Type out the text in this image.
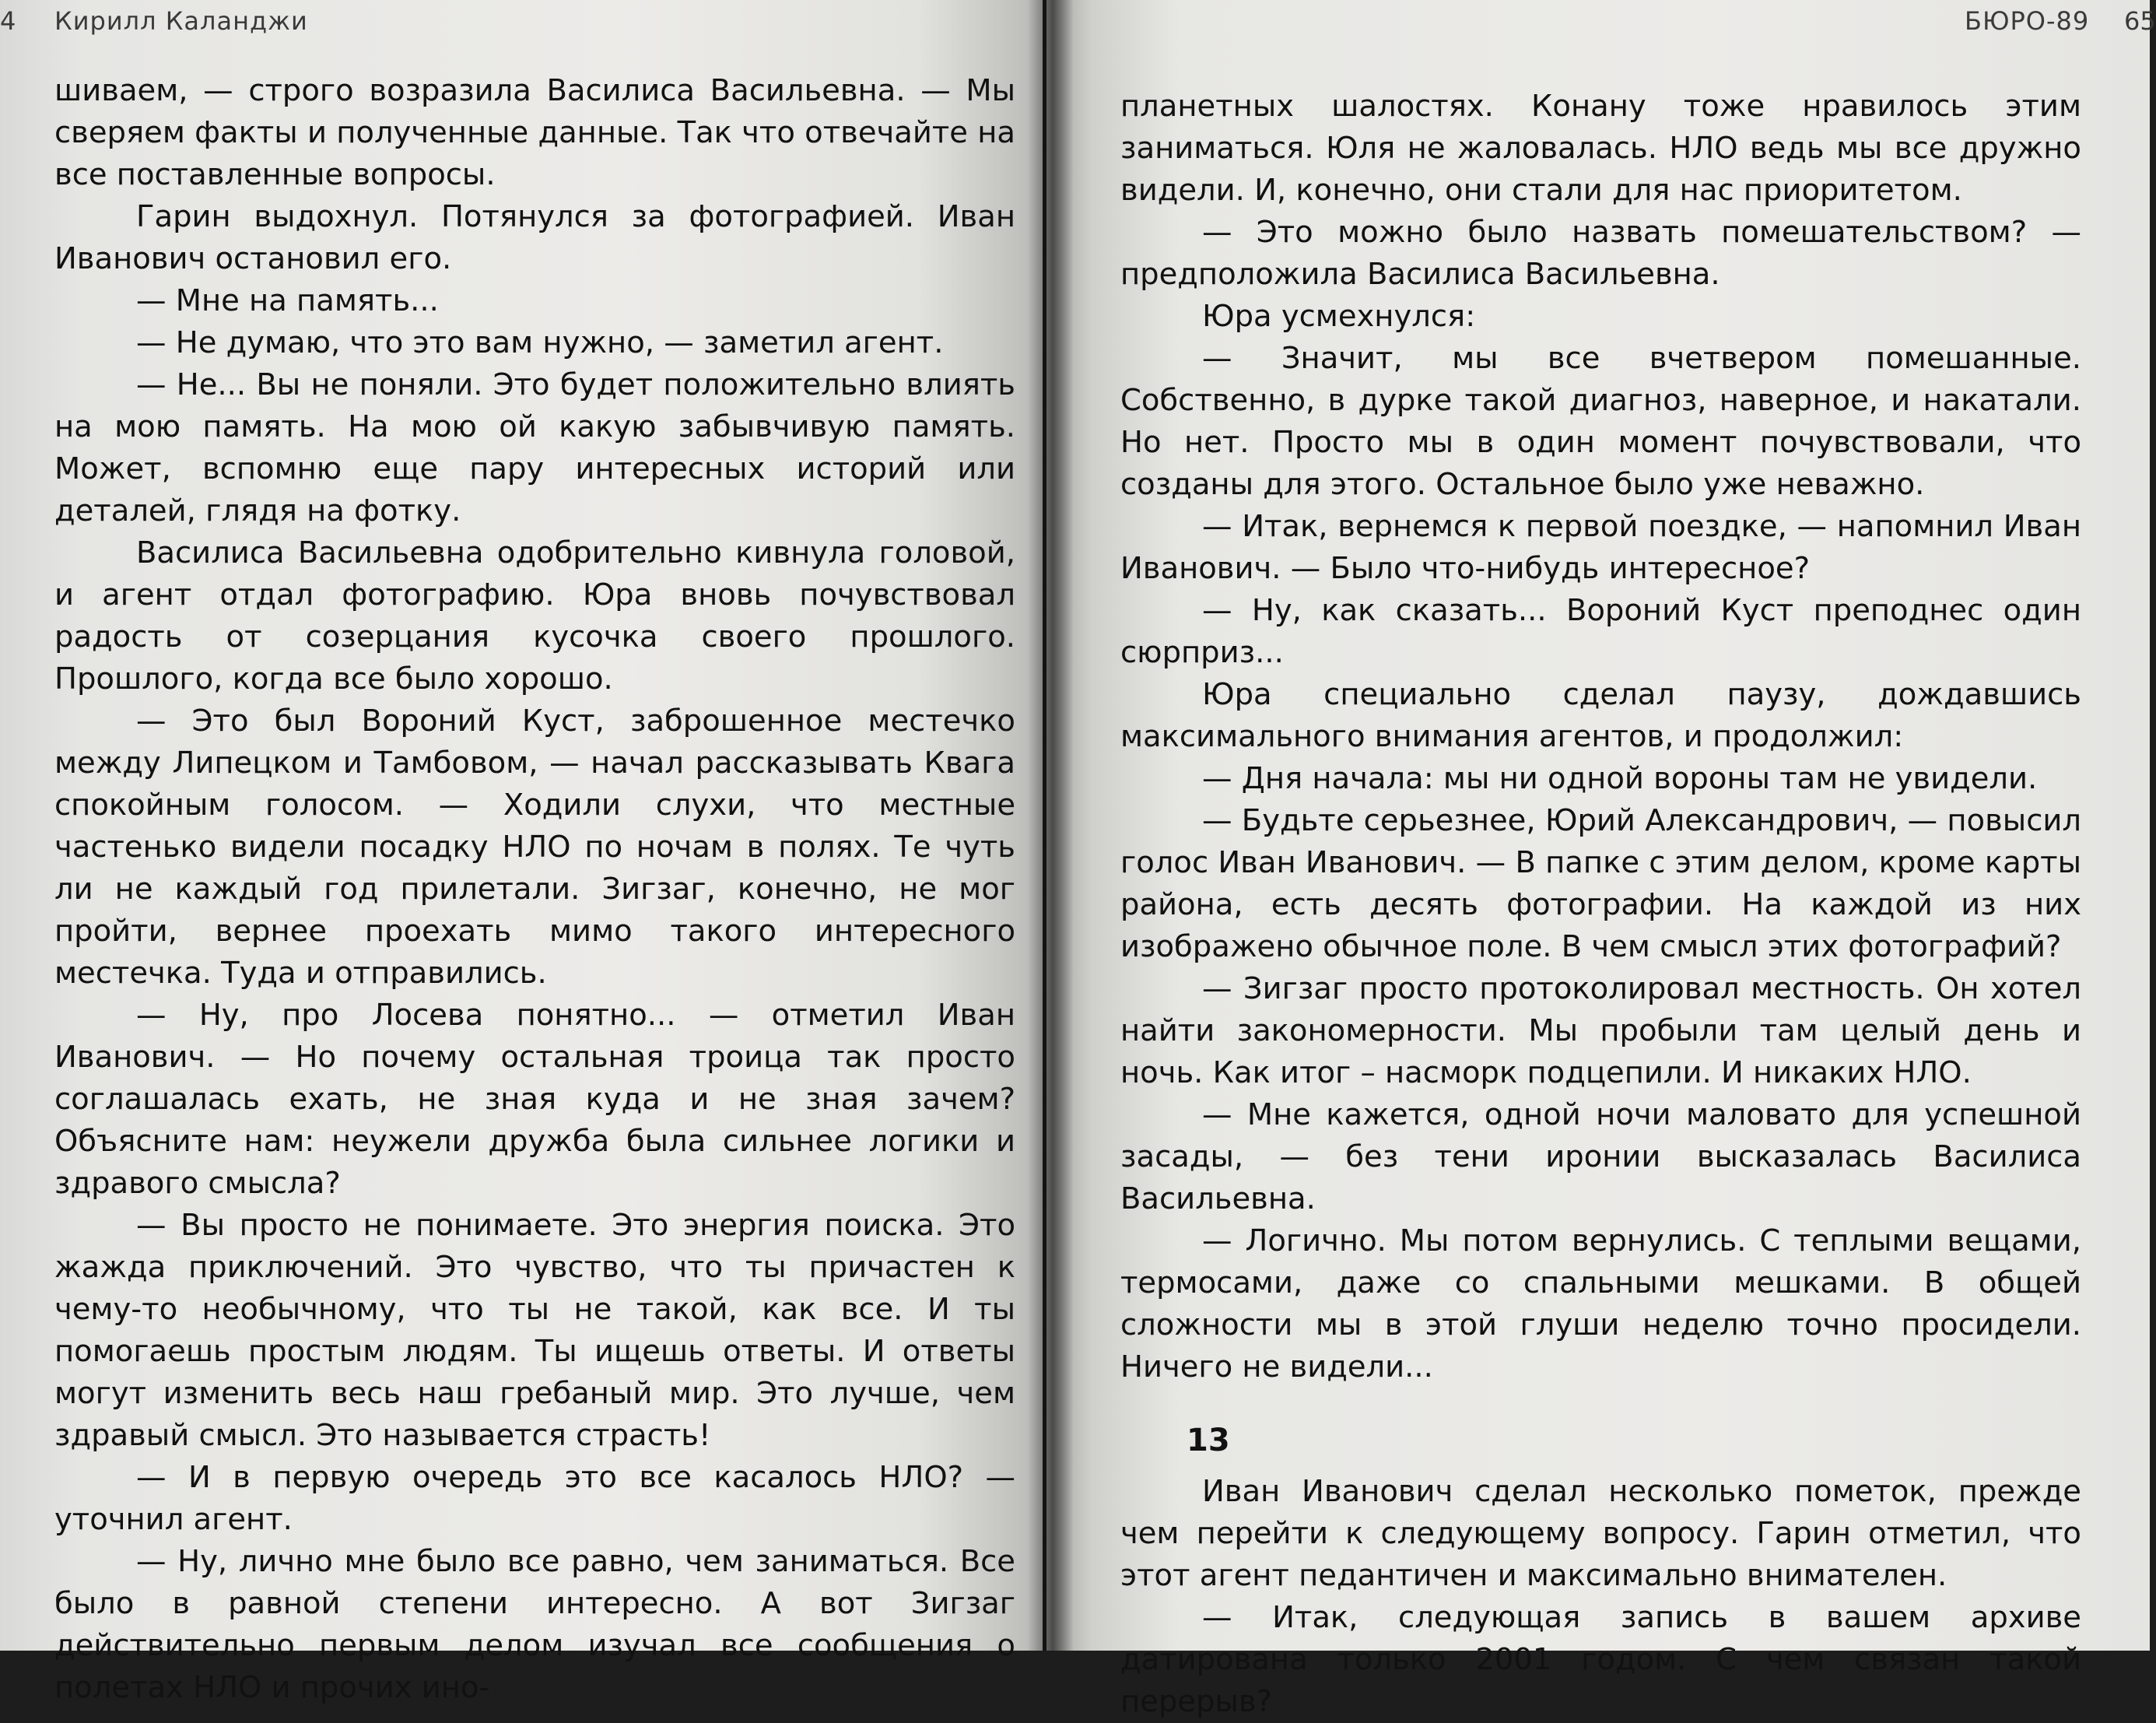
4 Кирилл Каланджи

шиваем, — строго возразила Василиса Васильевна. — Мы сверяем факты и полученные данные. Так что отвечайте на все поставленные вопросы.

Гарин выдохнул. Потянулся за фотографией. Иван Иванович остановил его.

— Мне на память...

— Не думаю, что это вам нужно, — заметил агент.

— Не... Вы не поняли. Это будет положительно влиять на мою память. На мою ой какую забывчивую память. Может, вспомню еще пару интересных историй или деталей, глядя на фотку.

Василиса Васильевна одобрительно кивнула головой, и агент отдал фотографию. Юра вновь почувствовал радость от созерцания кусочка своего прошлого. Прошлого, когда все было хорошо.

— Это был Вороний Куст, заброшенное местечко между Липецком и Тамбовом, — начал рассказывать Квага спокойным голосом. — Ходили слухи, что местные частенько видели посадку НЛО по ночам в полях. Те чуть ли не каждый год прилетали. Зигзаг, конечно, не мог пройти, вернее проехать мимо такого интересного местечка. Туда и отправились.

— Ну, про Лосева понятно... — отметил Иван Иванович. — Но почему остальная троица так просто соглашалась ехать, не зная куда и не зная зачем? Объясните нам: неужели дружба была сильнее логики и здравого смысла?

— Вы просто не понимаете. Это энергия поиска. Это жажда приключений. Это чувство, что ты причастен к чему-то необычному, что ты не такой, как все. И ты помогаешь простым людям. Ты ищешь ответы. И ответы могут изменить весь наш гребаный мир. Это лучше, чем здравый смысл. Это называется страсть!

— И в первую очередь это все касалось НЛО? — уточнил агент.

— Ну, лично мне было все равно, чем заниматься. Все было в равной степени интересно. А вот Зигзаг действительно первым делом изучал все сообщения о полетах НЛО и прочих ино-

БЮРО-89 65

планетных шалостях. Конану тоже нравилось этим заниматься. Юля не жаловалась. НЛО ведь мы все дружно видели. И, конечно, они стали для нас приоритетом.

— Это можно было назвать помешательством? — предположила Василиса Васильевна.

Юра усмехнулся:

— Значит, мы все вчетвером помешанные. Собственно, в дурке такой диагноз, наверное, и накатали. Но нет. Просто мы в один момент почувствовали, что созданы для этого. Остальное было уже неважно.

— Итак, вернемся к первой поездке, — напомнил Иван Иванович. — Было что-нибудь интересное?

— Ну, как сказать... Вороний Куст преподнес один сюрприз...

Юра специально сделал паузу, дождавшись максимального внимания агентов, и продолжил:

— Дня начала: мы ни одной вороны там не увидели.

— Будьте серьезнее, Юрий Александрович, — повысил голос Иван Иванович. — В папке с этим делом, кроме карты района, есть десять фотографии. На каждой из них изображено обычное поле. В чем смысл этих фотографий?

— Зигзаг просто протоколировал местность. Он хотел найти закономерности. Мы пробыли там целый день и ночь. Как итог – насморк подцепили. И никаких НЛО.

— Мне кажется, одной ночи маловато для успешной засады, — без тени иронии высказалась Василиса Васильевна.

— Логично. Мы потом вернулись. С теплыми вещами, термосами, даже со спальными мешками. В общей сложности мы в этой глуши неделю точно просидели. Ничего не видели...

13

Иван Иванович сделал несколько пометок, прежде чем перейти к следующему вопросу. Гарин отметил, что этот агент педантичен и максимально внимателен.

— Итак, следующая запись в вашем архиве датирована только 2001 годом. С чем связан такой перерыв?
